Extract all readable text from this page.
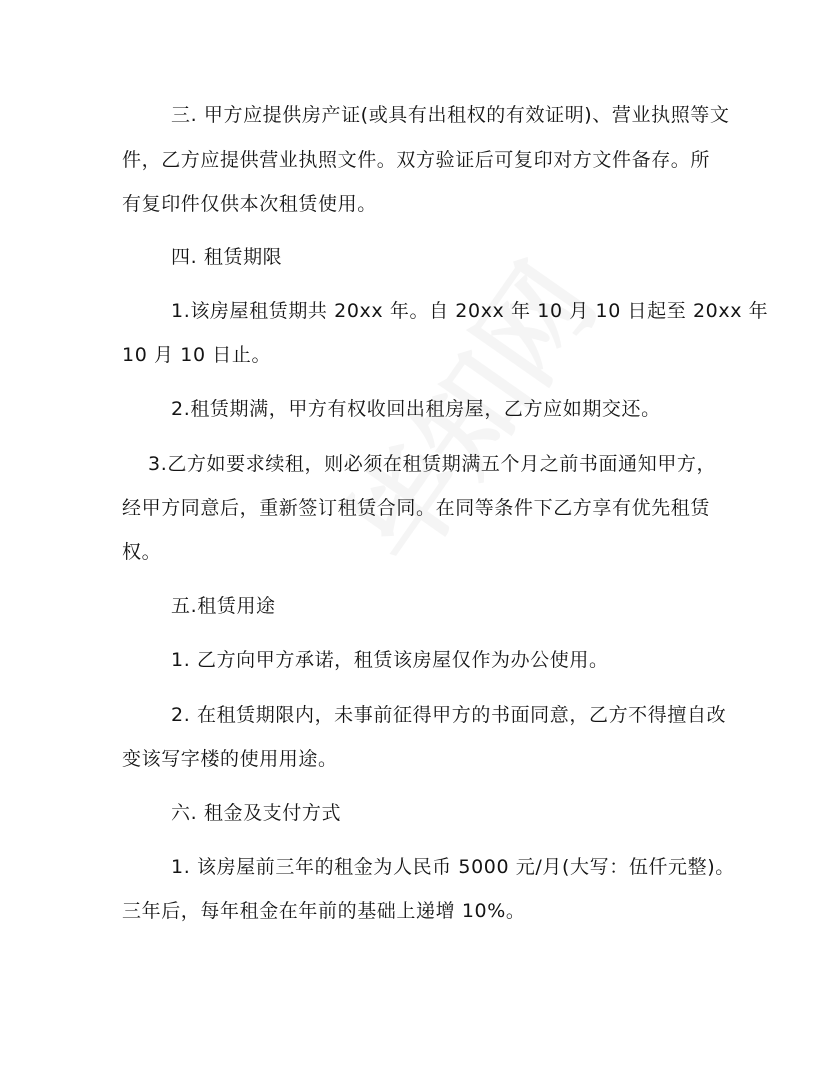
三. 甲方应提供房产证(或具有出租权的有效证明)、营业执照等文
件，乙方应提供营业执照文件。双方验证后可复印对方文件备存。所
有复印件仅供本次租赁使用。
四. 租赁期限
1.该房屋租赁期共 20xx 年。自 20xx 年 10 月 10 日起至 20xx 年
10 月 10 日止。
2.租赁期满，甲方有权收回出租房屋，乙方应如期交还。
3.乙方如要求续租，则必须在租赁期满五个月之前书面通知甲方，
经甲方同意后，重新签订租赁合同。在同等条件下乙方享有优先租赁
权。
五.租赁用途
1. 乙方向甲方承诺，租赁该房屋仅作为办公使用。
2. 在租赁期限内，未事前征得甲方的书面同意，乙方不得擅自改
变该写字楼的使用用途。
六. 租金及支付方式
1. 该房屋前三年的租金为人民币 5000 元/月(大写：伍仟元整)。
三年后，每年租金在年前的基础上递增 10%。
